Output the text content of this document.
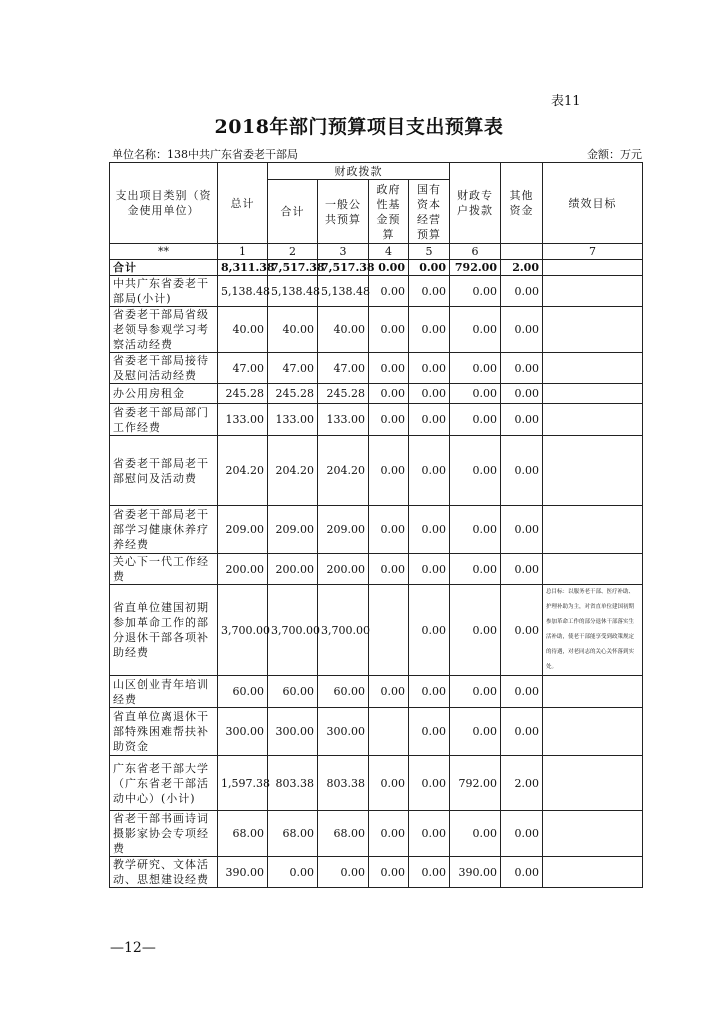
表11
2018年部门预算项目支出预算表
单位名称：138中共广东省委老干部局	金额：万元
支出项目类别（资金使用单位）	总计	财政拨款				财政专户拨款	其他资金	绩效目标
		合计	一般公共预算	政府性基金预算	国有资本经营预算			
**	1	2	3	4	5	6		7
合计	8,311.38	7,517.38	7,517.38	0.00	0.00	792.00	2.00	
中共广东省委老干部局(小计)	5,138.48	5,138.48	5,138.48	0.00	0.00	0.00	0.00	
省委老干部局省级老领导参观学习考察活动经费	40.00	40.00	40.00	0.00	0.00	0.00	0.00	
省委老干部局接待及慰问活动经费	47.00	47.00	47.00	0.00	0.00	0.00	0.00	
办公用房租金	245.28	245.28	245.28	0.00	0.00	0.00	0.00	
省委老干部局部门工作经费	133.00	133.00	133.00	0.00	0.00	0.00	0.00	
省委老干部局老干部慰问及活动费	204.20	204.20	204.20	0.00	0.00	0.00	0.00	
省委老干部局老干部学习健康休养疗养经费	209.00	209.00	209.00	0.00	0.00	0.00	0.00	
关心下一代工作经费	200.00	200.00	200.00	0.00	0.00	0.00	0.00	
省直单位建国初期参加革命工作的部分退休干部各项补助经费	3,700.00	3,700.00	3,700.00		0.00	0.00	0.00	总目标：以服务老干部、医疗补助、护理补助为主，对省直单位建国初期参加革命工作的部分退休干部落实生活补助，使老干部能享受到政策规定的待遇，对老同志的关心关怀落到实处。
山区创业青年培训经费	60.00	60.00	60.00	0.00	0.00	0.00	0.00	
省直单位离退休干部特殊困难帮扶补助资金	300.00	300.00	300.00		0.00	0.00	0.00	
广东省老干部大学（广东省老干部活动中心）(小计)	1,597.38	803.38	803.38	0.00	0.00	792.00	2.00	
省老干部书画诗词摄影家协会专项经费	68.00	68.00	68.00	0.00	0.00	0.00	0.00	
教学研究、文体活动、思想建设经费	390.00	0.00	0.00	0.00	0.00	390.00	0.00	
—12—
